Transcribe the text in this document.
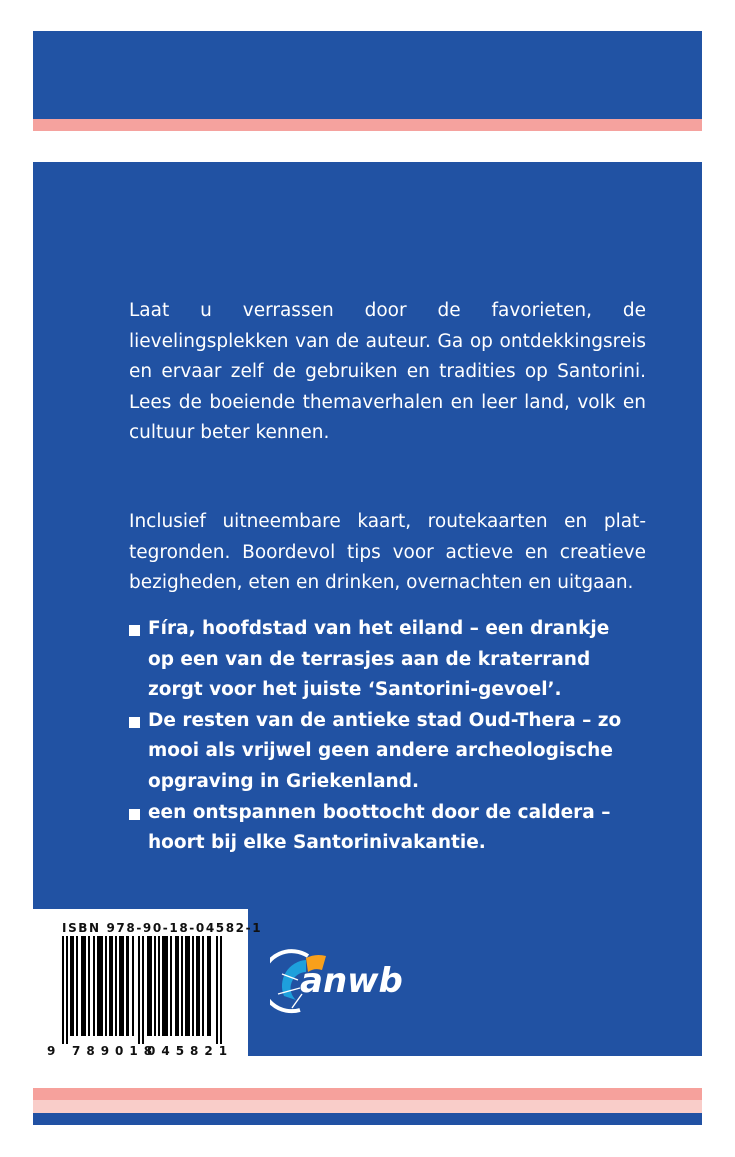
Laat u verrassen door de favorieten, de lievelingsplekken van de auteur. Ga op ontdekkingsreis en ervaar zelf de gebruiken en tradities op Santorini. Lees de boeiende themaverhalen en leer land, volk en cultuur beter kennen.
Inclusief uitneembare kaart, routekaarten en plattegronden. Boordevol tips voor actieve en creatieve bezigheden, eten en drinken, overnachten en uitgaan.
Fíra, hoofdstad van het eiland – een drankje op een van de terrasjes aan de kraterrand zorgt voor het juiste ‘Santorini-gevoel’.
De resten van de antieke stad Oud-Thera – zo mooi als vrijwel geen andere archeologische opgraving in Griekenland.
een ontspannen boottocht door de caldera – hoort bij elke Santorinivakantie.
ISBN 978-90-18-04582-1
9 789018
045821
anwb
